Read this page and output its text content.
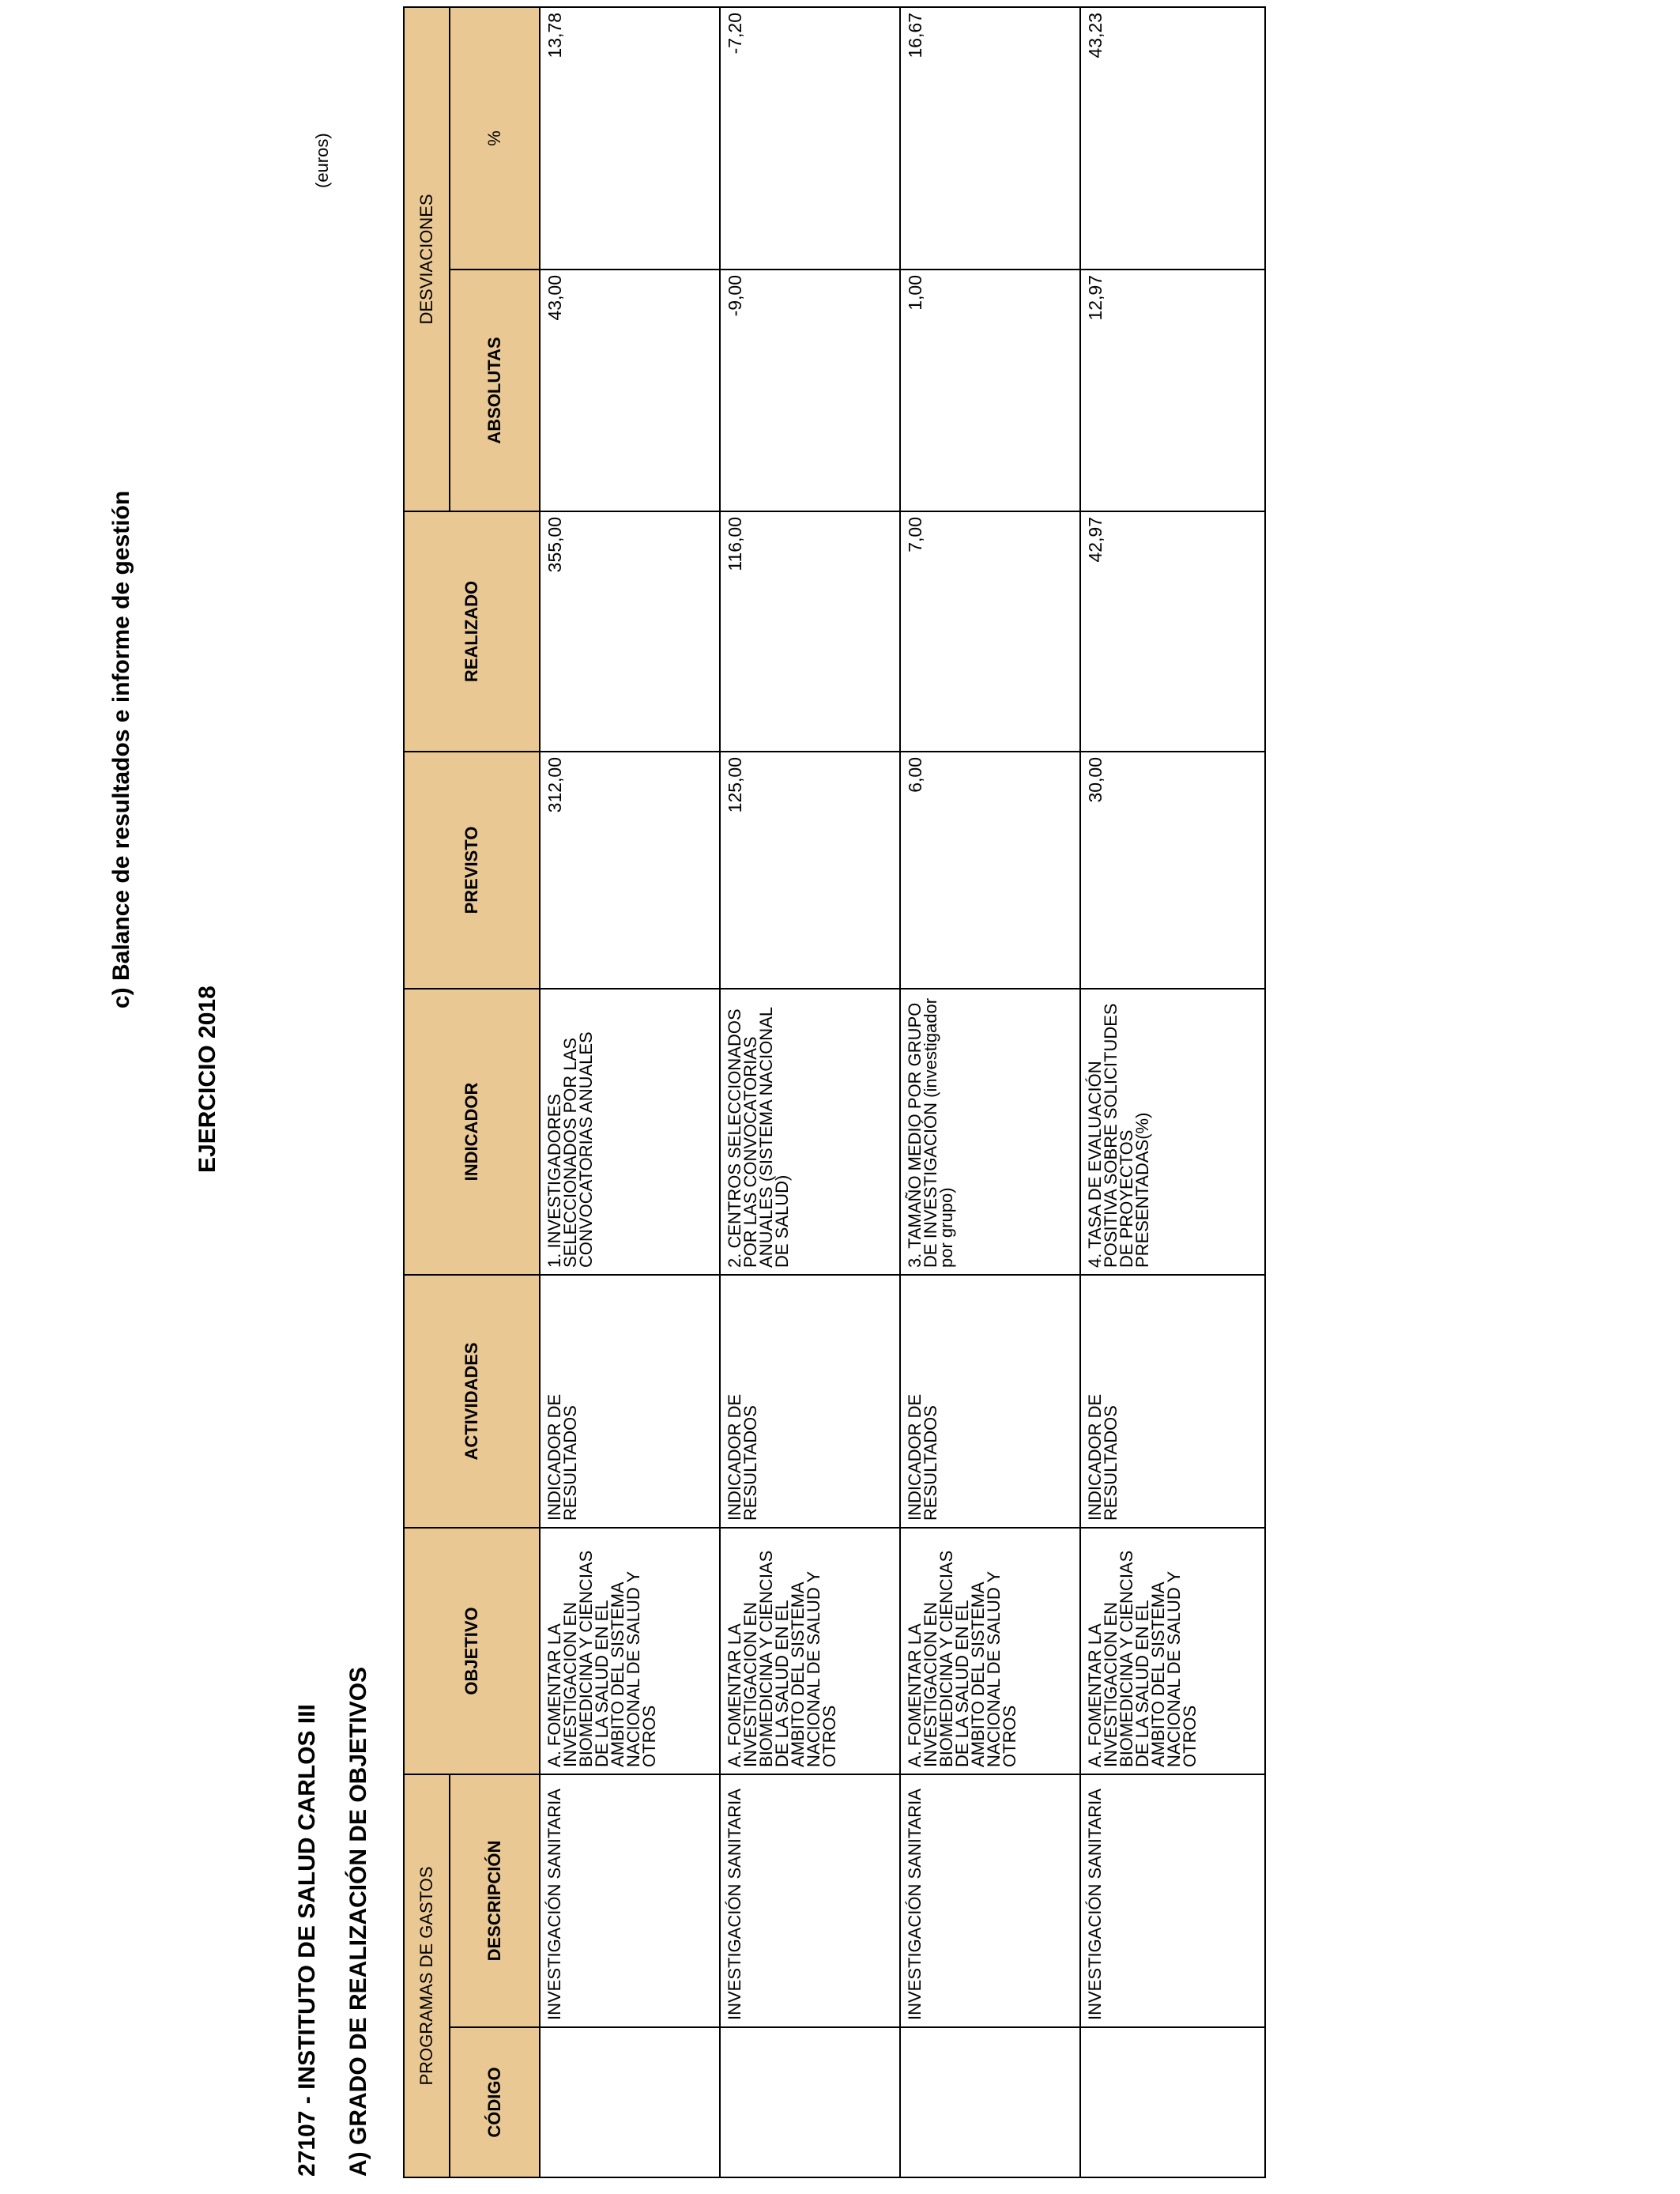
c) Balance de resultados e informe de gestión
EJERCICIO 2018
27107 - INSTITUTO DE SALUD CARLOS III A) GRADO DE REALIZACIÓN DE OBJETIVOS
(euros)
PROGRAMAS DE GASTOS		OBJETIVO	ACTIVIDADES	INDICADOR	PREVISTO	REALIZADO	DESVIACIONES	
CÓDIGO	DESCRIPCIÓN						ABSOLUTAS	%
	INVESTIGACIÓN SANITARIA	A. FOMENTAR LA INVESTIGACION EN BIOMEDICINA Y CIENCIAS DE LA SALUD EN EL AMBITO DEL SISTEMA NACIONAL DE SALUD Y OTROS	INDICADOR DE RESULTADOS	1. INVESTIGADORES SELECCIONADOS POR LAS CONVOCATORIAS ANUALES	312,00	355,00	43,00	13,78
	INVESTIGACIÓN SANITARIA	A. FOMENTAR LA INVESTIGACION EN BIOMEDICINA Y CIENCIAS DE LA SALUD EN EL AMBITO DEL SISTEMA NACIONAL DE SALUD Y OTROS	INDICADOR DE RESULTADOS	2. CENTROS SELECCIONADOS POR LAS CONVOCATORIAS ANUALES (SISTEMA NACIONAL DE SALUD)	125,00	116,00	-9,00	-7,20
	INVESTIGACIÓN SANITARIA	A. FOMENTAR LA INVESTIGACION EN BIOMEDICINA Y CIENCIAS DE LA SALUD EN EL AMBITO DEL SISTEMA NACIONAL DE SALUD Y OTROS	INDICADOR DE RESULTADOS	3. TAMAÑO MEDIO POR GRUPO DE INVESTIGACIÓN (investigador por grupo)	6,00	7,00	1,00	16,67
	INVESTIGACIÓN SANITARIA	A. FOMENTAR LA INVESTIGACION EN BIOMEDICINA Y CIENCIAS DE LA SALUD EN EL AMBITO DEL SISTEMA NACIONAL DE SALUD Y OTROS	INDICADOR DE RESULTADOS	4. TASA DE EVALUACIÓN POSITIVA SOBRE SOLICITUDES DE PROYECTOS PRESENTADAS(%)	30,00	42,97	12,97	43,23
